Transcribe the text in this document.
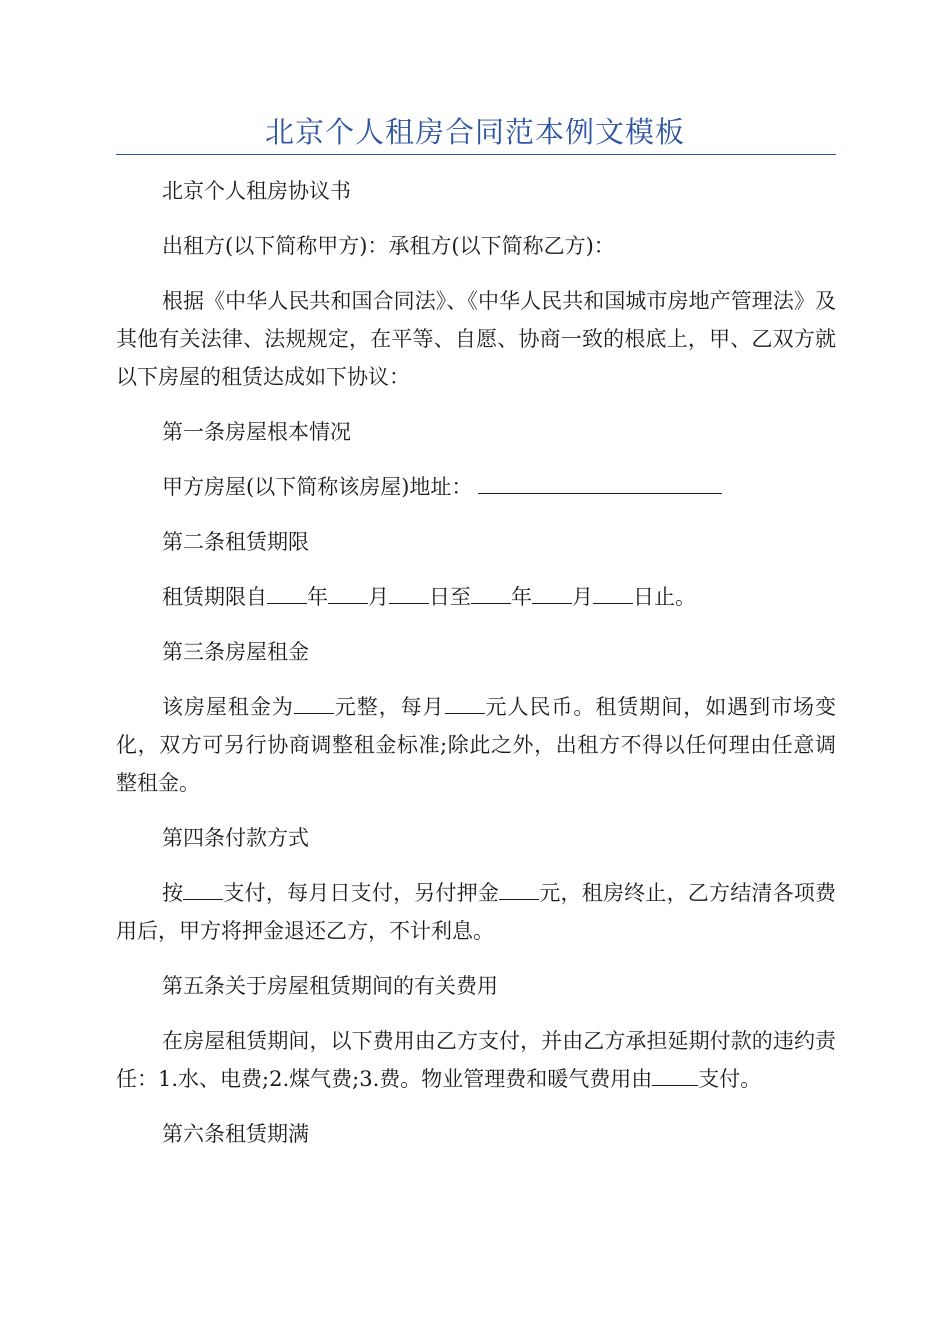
北京个人租房合同范本例文模板

北京个人租房协议书

出租方(以下简称甲方)：承租方(以下简称乙方)：

根据《中华人民共和国合同法》、《中华人民共和国城市房地产管理法》及其他有关法律、法规规定，在平等、自愿、协商一致的根底上，甲、乙双方就以下房屋的租赁达成如下协议：

第一条房屋根本情况

甲方房屋(以下简称该房屋)地址：

第二条租赁期限

租赁期限自 年 月 日至 年 月 日止。

第三条房屋租金

该房屋租金为 元整，每月 元人民币。租赁期间，如遇到市场变化，双方可另行协商调整租金标准;除此之外，出租方不得以任何理由任意调整租金。

第四条付款方式

按 支付，每月日支付，另付押金 元，租房终止，乙方结清各项费用后，甲方将押金退还乙方，不计利息。

第五条关于房屋租赁期间的有关费用

在房屋租赁期间，以下费用由乙方支付，并由乙方承担延期付款的违约责任：1.水、电费;2.煤气费;3.费。物业管理费和暖气费用由 支付。

第六条租赁期满
